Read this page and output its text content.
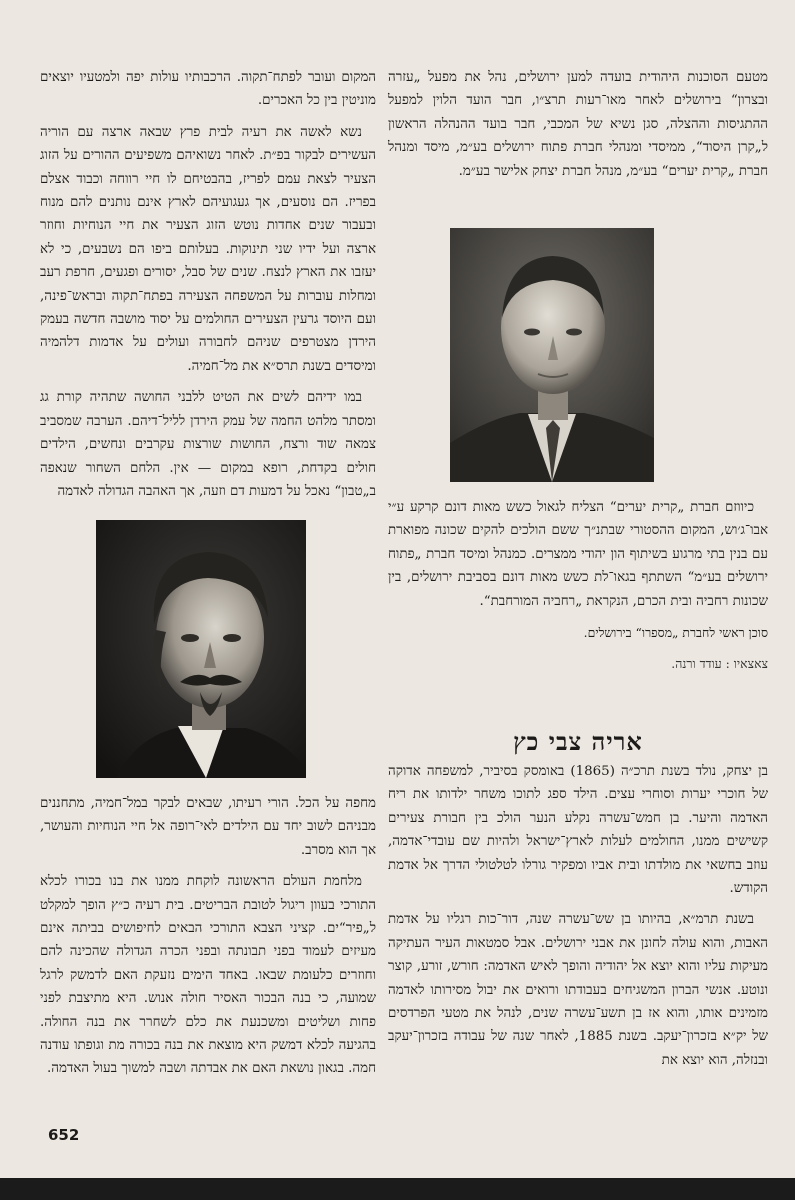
מטעם הסוכנות היהודית בועדה למען ירושלים, נהל את מפעל „עזרה ובצרון“ בירושלים לאחר מאו־רעות תרצ״ו, חבר הועד הלוין למפעל ההתגיסות וההצלה, סגן נשיא של המכבי, חבר בועד ההנהלה הראשון ל„קרן היסוד“, ממיסדי ומנהלי חברת פתוח ירושלים בע״מ, מיסד ומנהל חברת „קרית יערים“ בע״מ, מנהל חברת יצחק אלישר בע״מ.

כיווזם חברת „קרית יערים“ הצליח לגאול כשש מאות דונם קרקע ע״י אבו־ג׳וש, המקום ההסטורי שבתנ״ך ששם הולכים להקים שכונה מפוארת עם בנין בתי מרגוע בשיתוף הון יהודי ממצרים. כמנהל ומיסד חברת „פתוח ירושלים בע״מ“ השתתף בגאו־לת כשש מאות דונם בסביבת ירושלים, בין שכונות רחביה ובית הכרם, הנקראת „רחביה המורחבת“.

סוכן ראשי לחברת „מספרו“ בירושלים.

צאצאיו : עודד ורנה.

אריה צבי כץ

בן יצחק, נולד בשנת תרכ״ה (1865) באומסק בסיביר, למשפחה אדוקה של חוכרי יערות וסוחרי עצים. הילד ספג לתוכו משחר ילדותו את ריח האדמה והיער. בן חמש־עשרה נקלע הנער הולכ בין חבורת צעירים קשישים ממנו, החולמים לעלות לארץ־ישראל ולהיות שם עובדי־אדמה, עוזב בחשאי את מולדתו ובית אביו ומפקיר גורלו לטלטולי הדרך אל אדמת הקודש.

בשנת תרמ״א, בהיותו בן שש־עשרה שנה, דור־כות רגליו על אדמת האבות, והוא עולה לחונן את אבני ירושלים. אבל סמטאות העיר העתיקה מעיקות עליו והוא יוצא אל יהודיה והופך לאיש האדמה: חורש, זורע, קוצר ונוטע. אנשי הברון המשגיחים בעבודתו ורואים את יבול מסירותו לאדמה מזמינים אותו, והוא אז בן תשע־עשרה שנים, לנהל את מטעי הפרדסים של יק״א בזכרון־יעקב. בשנת 1885, לאחר שנה של עבודה בזכרון־יעקב ובנזלה, הוא יוצא את

המקום ועובר לפתח־תקוה. הרכבותיו עולות יפה ולמטעיו יוצאים מוניטין בין כל האכרים.

נשא לאשה את רעיה לבית פרץ שבאה ארצה עם הוריה העשירים לבקור בפ״ת. לאחר נשואיהם משפיעים ההורים על הזוג הצעיר לצאת עמם לפריז, בהבטיחם לו חיי רווחה וכבוד אצלם בפריז. הם נוסעים, אך געגועיהם לארץ אינם נותנים להם מנוח ובעבור שנים אחדות נוטש הזוג הצעיר את חיי הנוחיות וחוזר ארצה ועל ידיו שני תינוקות. בעלותם ביפו הם נשבעים, כי לא יעזבו את הארץ לנצח. שנים של סבל, יסורים ופגעים, חרפת רעב ומחלות עוברות על המשפחה הצעירה בפתח־תקוה ובראש־פינה, ועם היוסד גרעין הצעירים החולמים על יסוד מושבה חדשה בעמק הירדן מצטרפים שניהם לחבורה ועולים על אדמות דלהמיה ומיסדים בשנת תרס״א את מל־חמיה.

במו ידיהם לשים את הטיט ללבני החושה שתהיה קורת גג ומסתר מלהט החמה של עמק הירדן לליל־דיהם. הערבה שמסביב צמאה שוד ורצח, החושות שורצות עקרבים ונחשים, הילדים חולים בקדחת, רופא במקום — אין. הלחם השחור שנאפה ב„טבון“ נאכל על דמעות דם וזעה, אך האהבה הגדולה לאדמה

מחפה על הכל. הורי רעיתו, שבאים לבקר במל־חמיה, מתחננים מבניהם לשוב יחד עם הילדים לאי־רופה אל חיי הנוחיות והעושר, אך הוא מסרב.

מלחמת העולם הראשונה לוקחת ממנו את בנו בכורו לכלא התורכי בעוון ריגול לטובת הבריטים. בית רעיה כ״ץ הופך למקלט ל„פיר“ים. קציני הצבא התורכי הבאים לחיפושים בביתה אינם מעיזים לעמוד בפני תבונתה ובפני הכרה הגדולה שהכינה להם וחוזרים כלעומת שבאו. באחד הימים נזעקת האם לדמשק לרגל שמועה, כי בנה הבכור האסיר חולה אנוש. היא מתיצבת לפני פחות ושליטים ומשכנעת את כלם לשחרר את בנה החולה. בהגיעה לכלא דמשק היא מוצאת את בנה בכורה מת וגופתו עודנה חמה. בגאון נושאת האם את אבדתה ושבה למשוך בעול האדמה.

652
